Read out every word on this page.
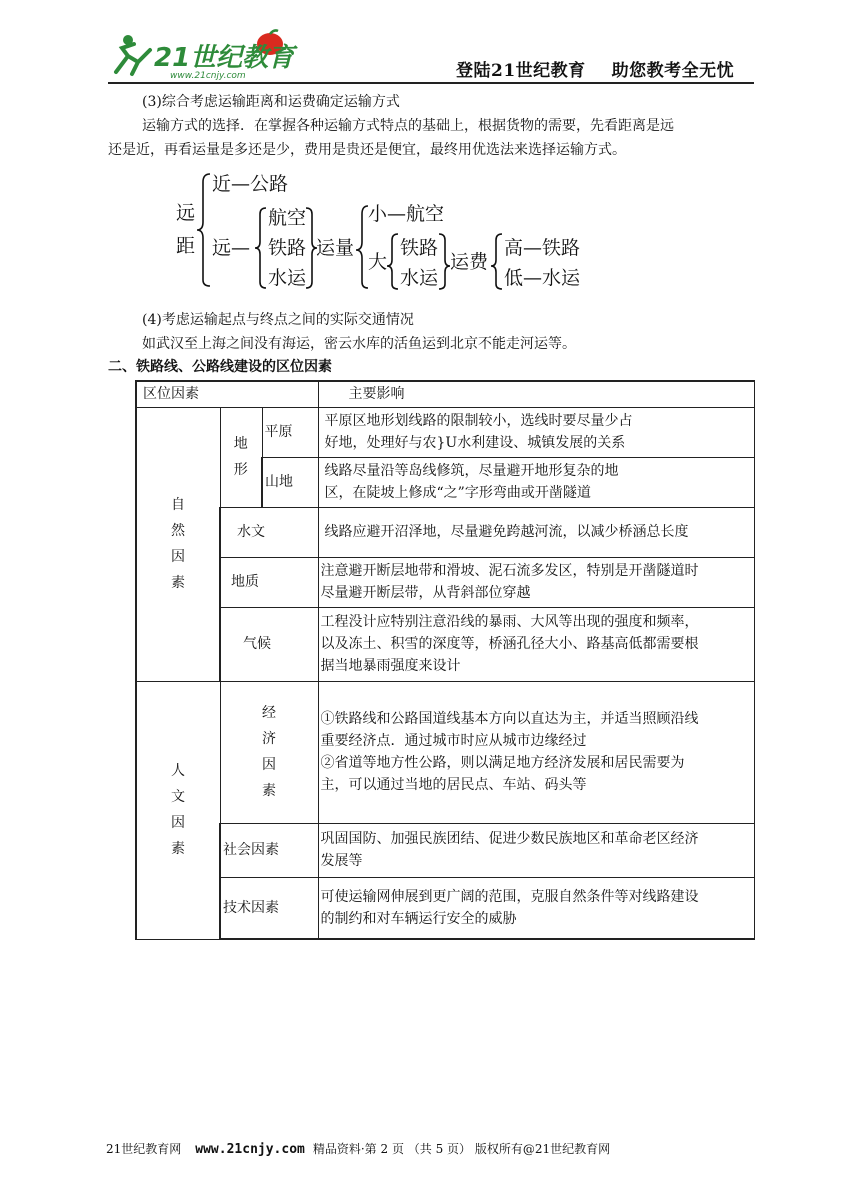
21世纪教育
www.21cnjy.com	登陆21世纪教育 助您教考全无忧
(3)综合考虑运输距离和运费确定运输方式
运输方式的选择．在掌握各种运输方式特点的基础上，根据货物的需要，先看距离是远
还是近，再看运量是多还是少，费用是贵还是便宜，最终用优选法来选择运输方式。
远
距
近—公路
远—
航空
铁路
水运
运量
小—航空
大
铁路
水运
运费
高—铁路
低—水运
(4)考虑运输起点与终点之间的实际交通情况
如武汉至上海之间没有海运，密云水库的活鱼运到北京不能走河运等。
二、铁路线、公路线建设的区位因素
区位因素			主要影响

自然因素	地形	平原	平原区地形划线路的限制较小，选线时要尽量少占
好地，处理好与农}U水利建设、城镇发展的关系

		山地	线路尽量沿等岛线修筑，尽量避开地形复杂的地
区，在陡坡上修成“之”字形弯曲或开凿隧道

	水文		线路应避开沼泽地，尽量避免跨越河流，以减少桥涵总长度
	地质		注意避开断层地带和滑坡、泥石流多发区，特别是开凿隧道时
尽量避开断层带，从背斜部位穿越

	气候		工程没计应特别注意沿线的暴雨、大风等出现的强度和频率，
以及冻土、积雪的深度等，桥涵孔径大小、路基高低都需要根
据当地暴雨强度来设计

人文因素	经济因素		①铁路线和公路国道线基本方向以直达为主，并适当照顾沿线
重要经济点．通过城市时应从城市边缘经过
②省道等地方性公路，则以满足地方经济发展和居民需要为
主，可以通过当地的居民点、车站、码头等

	社会因素		巩固国防、加强民族团结、促进少数民族地区和革命老区经济
发展等

	技术因素		可使运输网伸展到更广阔的范围，克服自然条件等对线路建设
的制约和对车辆运行安全的威胁
21世纪教育网 www.21cnjy.com 精品资料·第 2 页 （共 5 页） 版权所有@21世纪教育网
